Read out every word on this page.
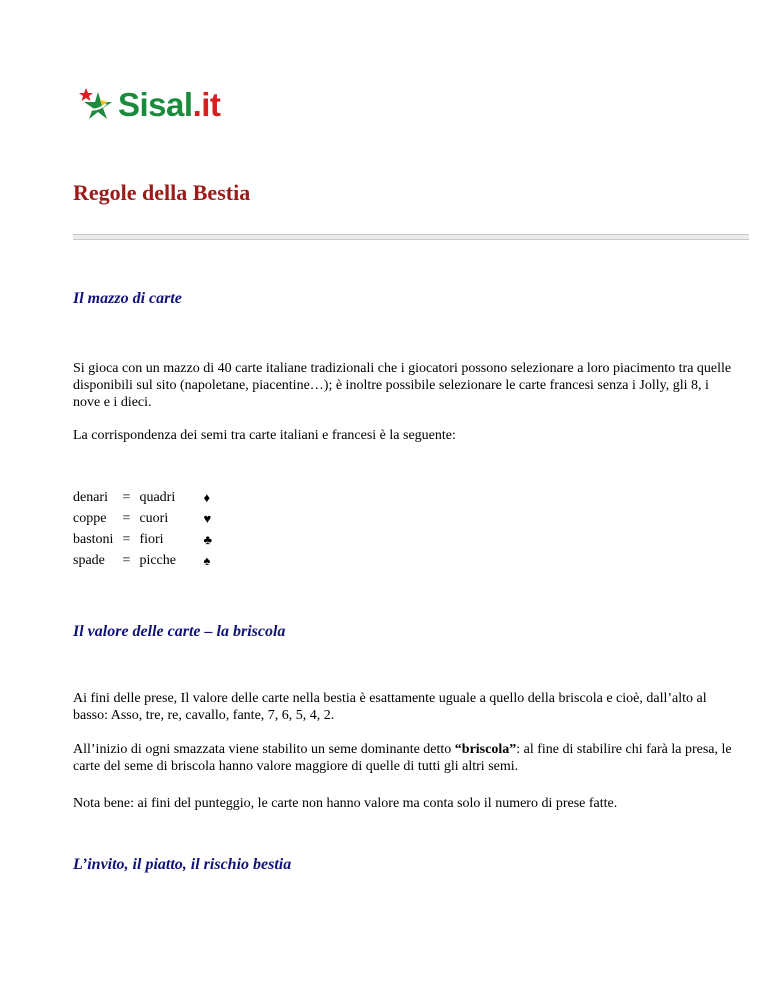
Sisal.it
Regole della Bestia
Il mazzo di carte

Si gioca con un mazzo di 40 carte italiane tradizionali che i giocatori possono selezionare a loro piacimento tra quelle disponibili sul sito (napoletane, piacentine…); è inoltre possibile selezionare le carte francesi senza i Jolly, gli 8, i nove e i dieci.

La corrispondenza dei semi tra carte italiani e francesi è la seguente:

denari	=	quadri	♦
coppe	=	cuori	♥
bastoni	=	fiori	♣
spade	=	picche	♠
Il valore delle carte – la briscola

Ai fini delle prese, Il valore delle carte nella bestia è esattamente uguale a quello della briscola e cioè, dall’alto al basso: Asso, tre, re, cavallo, fante, 7, 6, 5, 4, 2.

All’inizio di ogni smazzata viene stabilito un seme dominante detto “briscola”: al fine di stabilire chi farà la presa, le carte del seme di briscola hanno valore maggiore di quelle di tutti gli altri semi.

Nota bene: ai fini del punteggio, le carte non hanno valore ma conta solo il numero di prese fatte.

L’invito, il piatto, il rischio bestia
